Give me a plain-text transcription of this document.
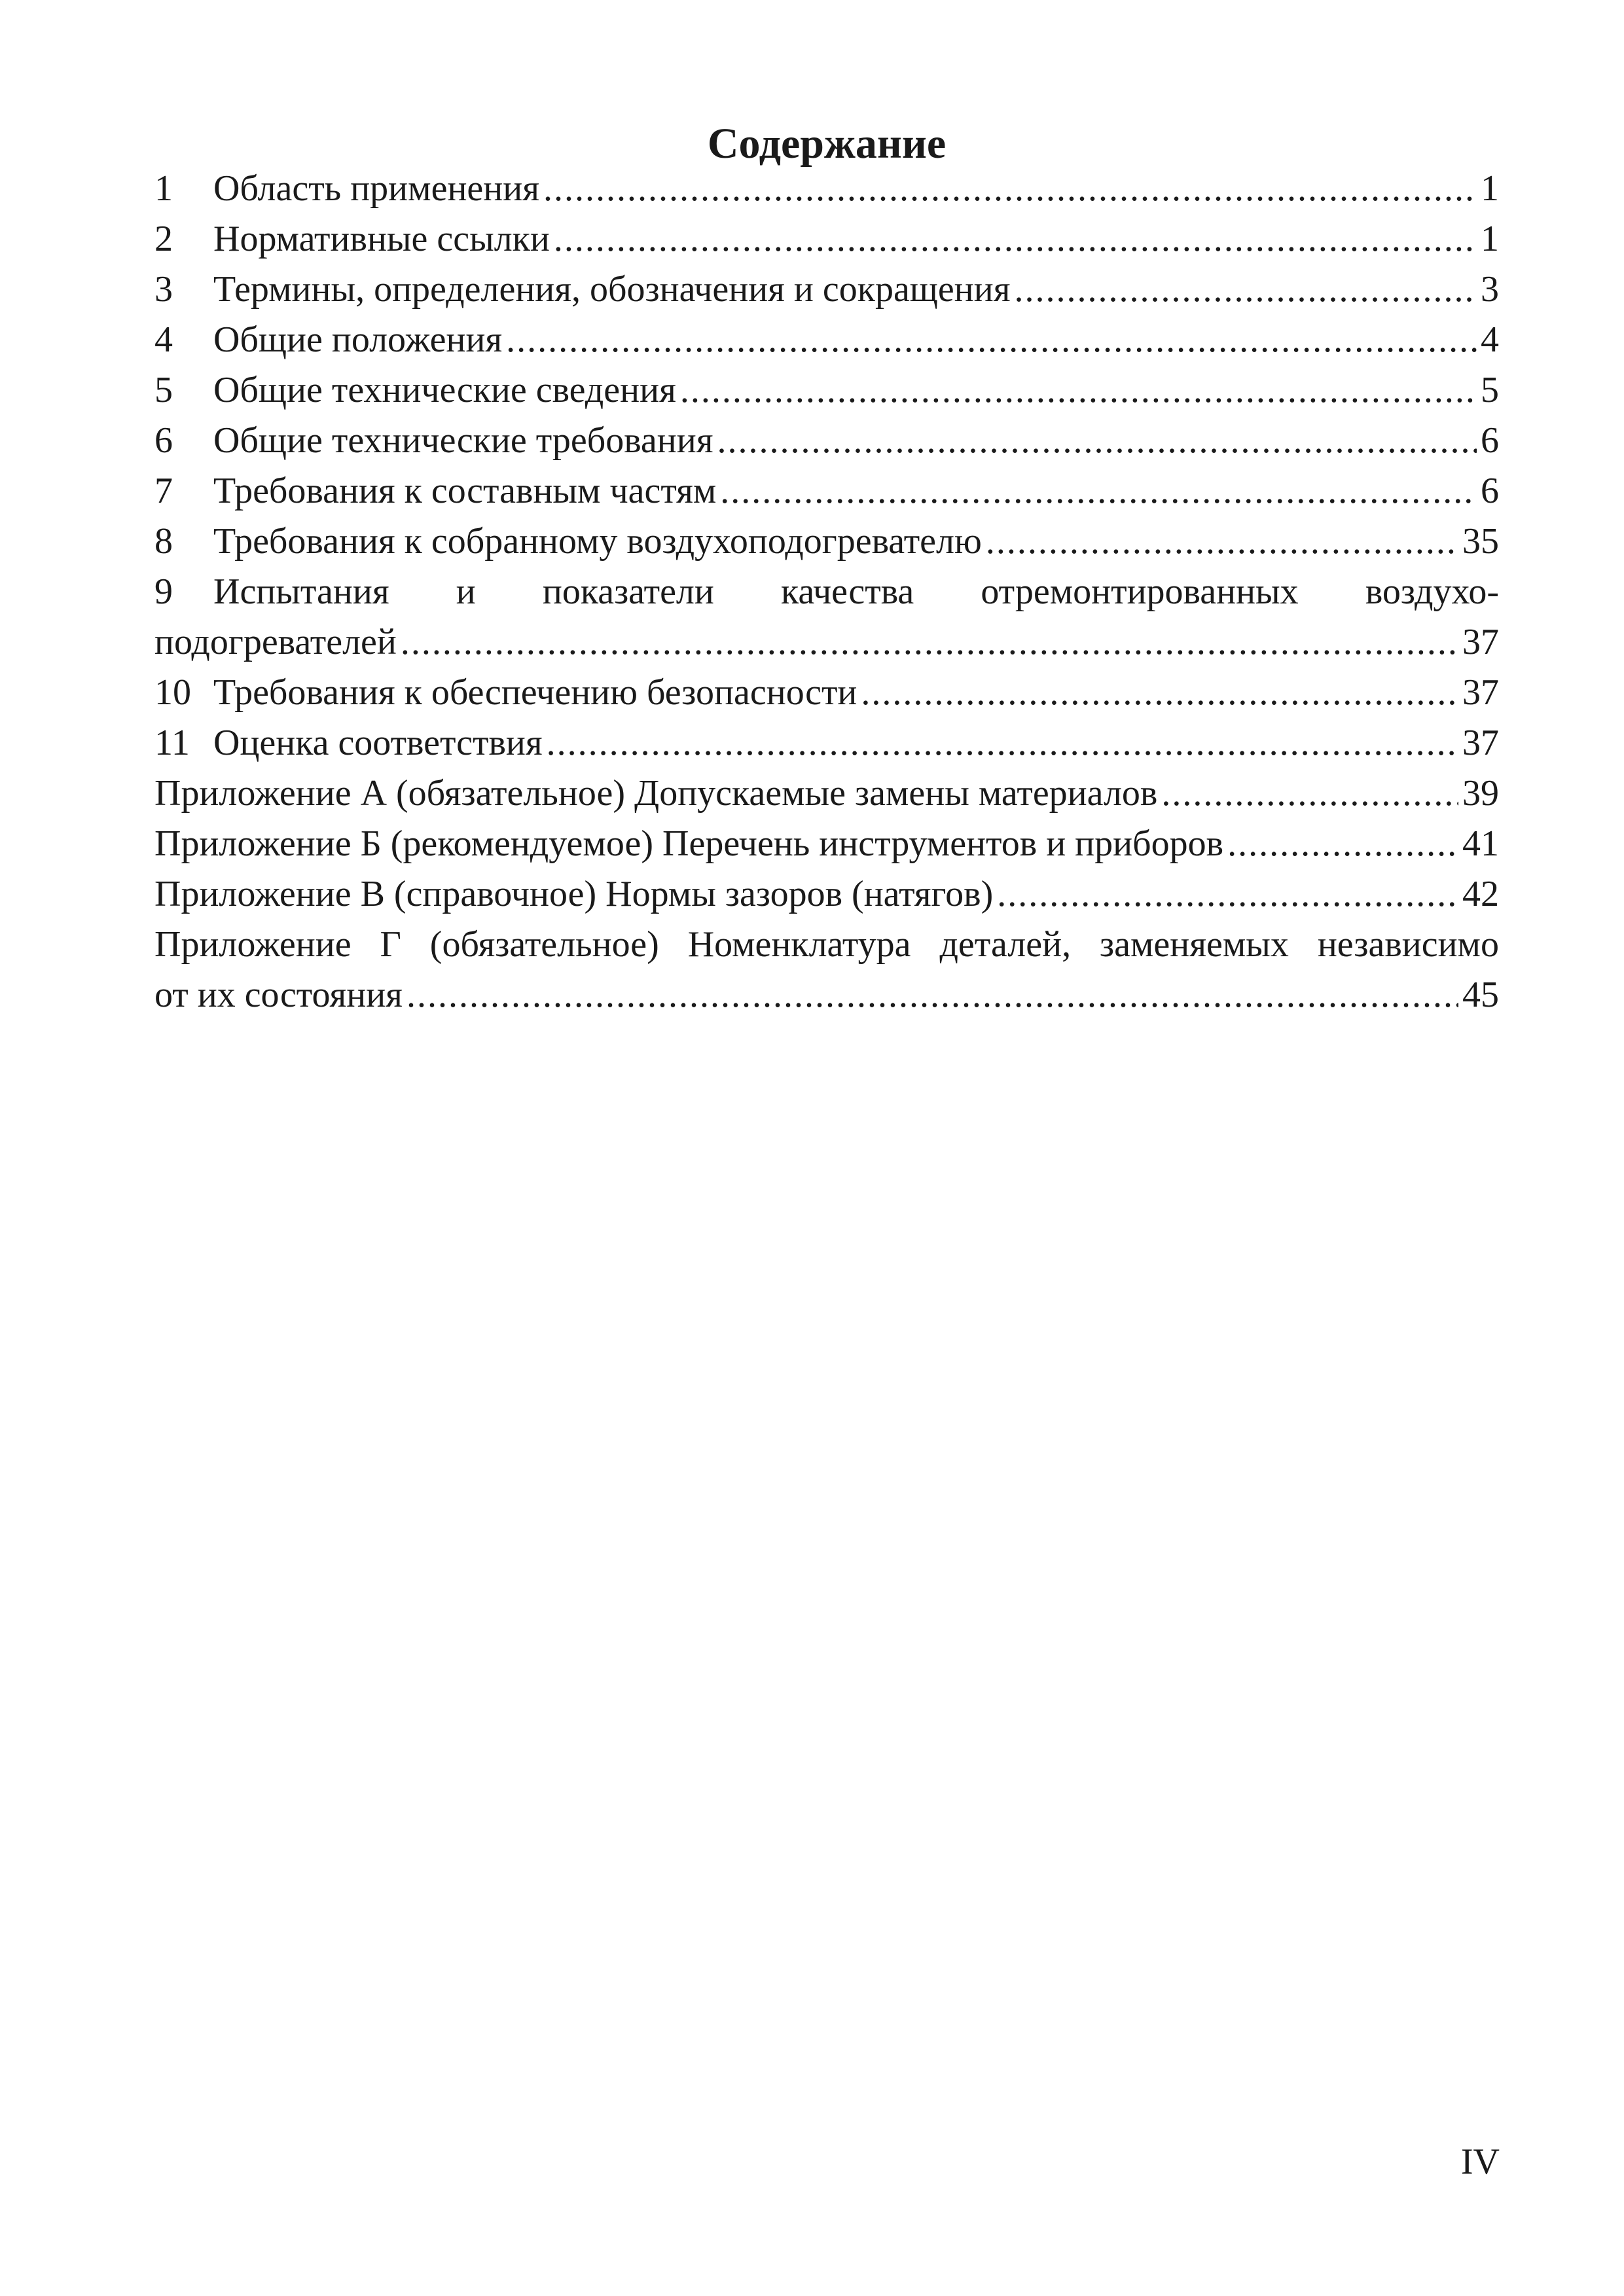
Содержание
1	Область применения .....	1
2	Нормативные ссылки .....	1
3	Термины, определения, обозначения и сокращения .....	3
4	Общие положения .....	4
5	Общие технические сведения .....	5
6	Общие технические требования .....	6
7	Требования к составным частям .....	6
8	Требования к собранному воздухоподогревателю .....	35
9 Испытания и показатели качества отремонтированных воздухо-
подогревателей .....	37
10 Требования к обеспечению безопасности .....	37
11 Оценка соответствия .....	37
Приложение А (обязательное) Допускаемые замены материалов .....	39
Приложение Б (рекомендуемое) Перечень инструментов и приборов .....	41
Приложение В (справочное) Нормы зазоров (натягов) .....	42
Приложение Г (обязательное) Номенклатура деталей, заменяемых независимо
от их состояния .....	45
IV
